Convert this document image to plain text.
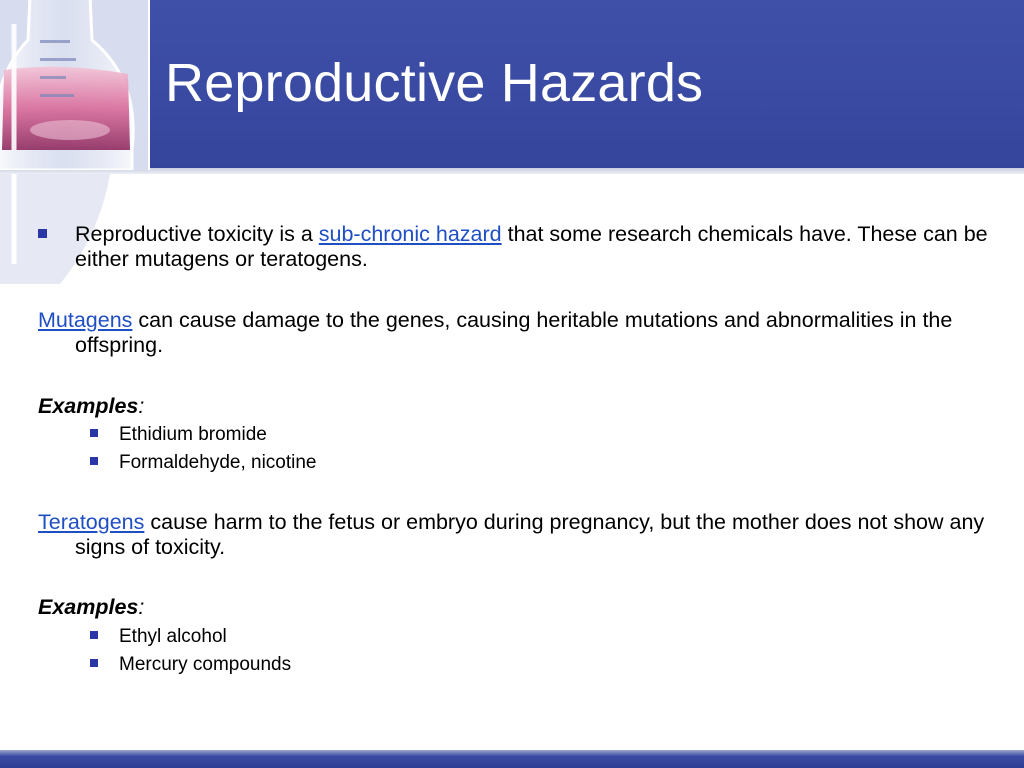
Reproductive Hazards
Reproductive toxicity is a sub-chronic hazard that some research chemicals have. These can be either mutagens or teratogens.
Mutagens can cause damage to the genes, causing heritable mutations and abnormalities in the offspring.
Examples:
Ethidium bromide
Formaldehyde, nicotine
Teratogens cause harm to the fetus or embryo during pregnancy, but the mother does not show any signs of toxicity.
Examples:
Ethyl alcohol
Mercury compounds
